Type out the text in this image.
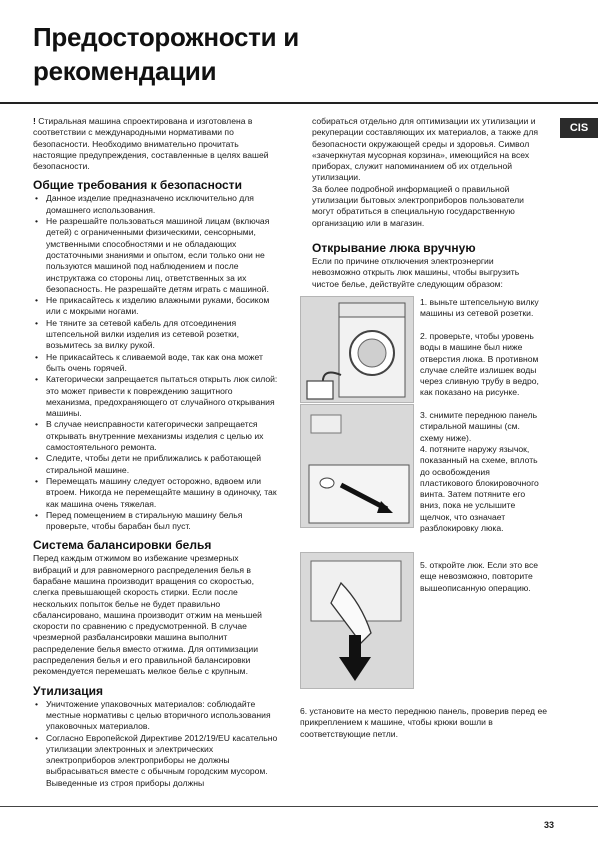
Предосторожности и
рекомендации
CIS

! Стиральная машина спроектирована и изготовлена в соответствии с международными нормативами по безопасности. Необходимо внимательно прочитать настоящие предупреждения, составленные в целях вашей безопасности.

Общие требования к безопасности
• Данное изделие предназначено исключительно для домашнего использования.
• Не разрешайте пользоваться машиной лицам (включая детей) с ограниченными физическими, сенсорными, умственными способностями и не обладающих достаточными знаниями и опытом, если только они не пользуются машиной под наблюдением и после инструктажа со стороны лиц, ответственных за их безопасность. Не разрешайте детям играть с машиной.
• Не прикасайтесь к изделию влажными руками, босиком или с мокрыми ногами.
• Не тяните за сетевой кабель для отсоединения штепсельной вилки изделия из сетевой розетки, возьмитесь за вилку рукой.
• Не прикасайтесь к сливаемой воде, так как она может быть очень горячей.
• Категорически запрещается пытаться открыть люк силой: это может привести к повреждению защитного механизма, предохраняющего от случайного открывания машины.
• В случае неисправности категорически запрещается открывать внутренние механизмы изделия с целью их самостоятельного ремонта.
• Следите, чтобы дети не приближались к работающей стиральной машине.
• Перемещать машину следует осторожно, вдвоем или втроем. Никогда не перемещайте машину в одиночку, так как машина очень тяжелая.
• Перед помещением в стиральную машину белья проверьте, чтобы барабан был пуст.
Система балансировки белья

Перед каждым отжимом во избежание чрезмерных вибраций и для равномерного распределения белья в барабане машина производит вращения со скоростью, слегка превышающей скорость стирки. Если после нескольких попыток белье не будет правильно сбалансировано, машина производит отжим на меньшей скорости по сравнению с предусмотренной. В случае чрезмерной разбалансировки машина выполнит распределение белья вместо отжима. Для оптимизации распределения белья и его правильной балансировки рекомендуется перемешать мелкое белье с крупным.

Утилизация
• Уничтожение упаковочных материалов: соблюдайте местные нормативы с целью вторичного использования упаковочных материалов.
• Согласно Европейской Директиве 2012/19/EU касательно утилизации электронных и электрических электроприборов электроприборы не должны выбрасываться вместе с обычным городским мусором. Выведенные из строя приборы должны

собираться отдельно для оптимизации их утилизации и рекуперации составляющих их материалов, а также для безопасности окружающей среды и здоровья. Символ «зачеркнутая мусорная корзина», имеющийся на всех приборах, служит напоминанием об их отдельной утилизации.

За более подробной информацией о правильной утилизации бытовых электроприборов пользователи могут обратиться в специальную государственную организацию или в магазин.

Открывание люка вручную

Если по причине отключения электроэнергии невозможно открыть люк машины, чтобы выгрузить чистое белье, действуйте следующим образом:

1. выньте штепсельную вилку машины из сетевой розетки.
2. проверьте, чтобы уровень воды в машине был ниже отверстия люка. В противном случае слейте излишек воды через сливную трубу в ведро, как показано на рисунке.
3. снимите переднюю панель стиральной машины (см. схему ниже).
4. потяните наружу язычок, показанный на схеме, вплоть до освобождения пластикового блокировочного винта. Затем потяните его вниз, пока не услышите щелчок, что означает разблокировку люка.
5. откройте люк. Если это все еще невозможно, повторите вышеописанную операцию.
6. установите на место переднюю панель, проверив перед ее прикреплением к машине, чтобы крюки вошли в соответствующие петли.
33
